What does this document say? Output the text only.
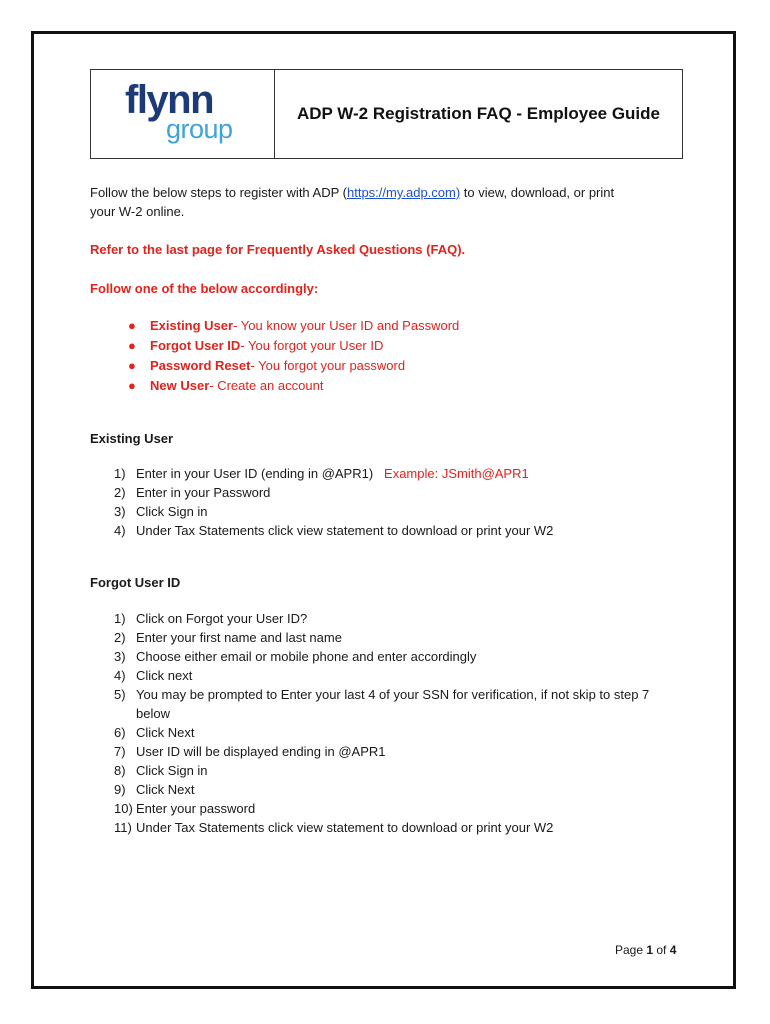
flynn
group
ADP W-2 Registration FAQ - Employee Guide
Follow the below steps to register with ADP (https://my.adp.com) to view, download, or print
your W-2 online.
Refer to the last page for Frequently Asked Questions (FAQ).
Follow one of the below accordingly:
● Existing User- You know your User ID and Password
● Forgot User ID- You forgot your User ID
● Password Reset- You forgot your password
● New User- Create an account
Existing User
1) Enter in your User ID (ending in @APR1) Example: JSmith@APR1
2) Enter in your Password
3) Click Sign in
4) Under Tax Statements click view statement to download or print your W2
Forgot User ID
1) Click on Forgot your User ID?
2) Enter your first name and last name
3) Choose either email or mobile phone and enter accordingly
4) Click next
5) You may be prompted to Enter your last 4 of your SSN for verification, if not skip to step 7 below
6) Click Next
7) User ID will be displayed ending in @APR1
8) Click Sign in
9) Click Next
10) Enter your password
11) Under Tax Statements click view statement to download or print your W2
Page 1 of 4
